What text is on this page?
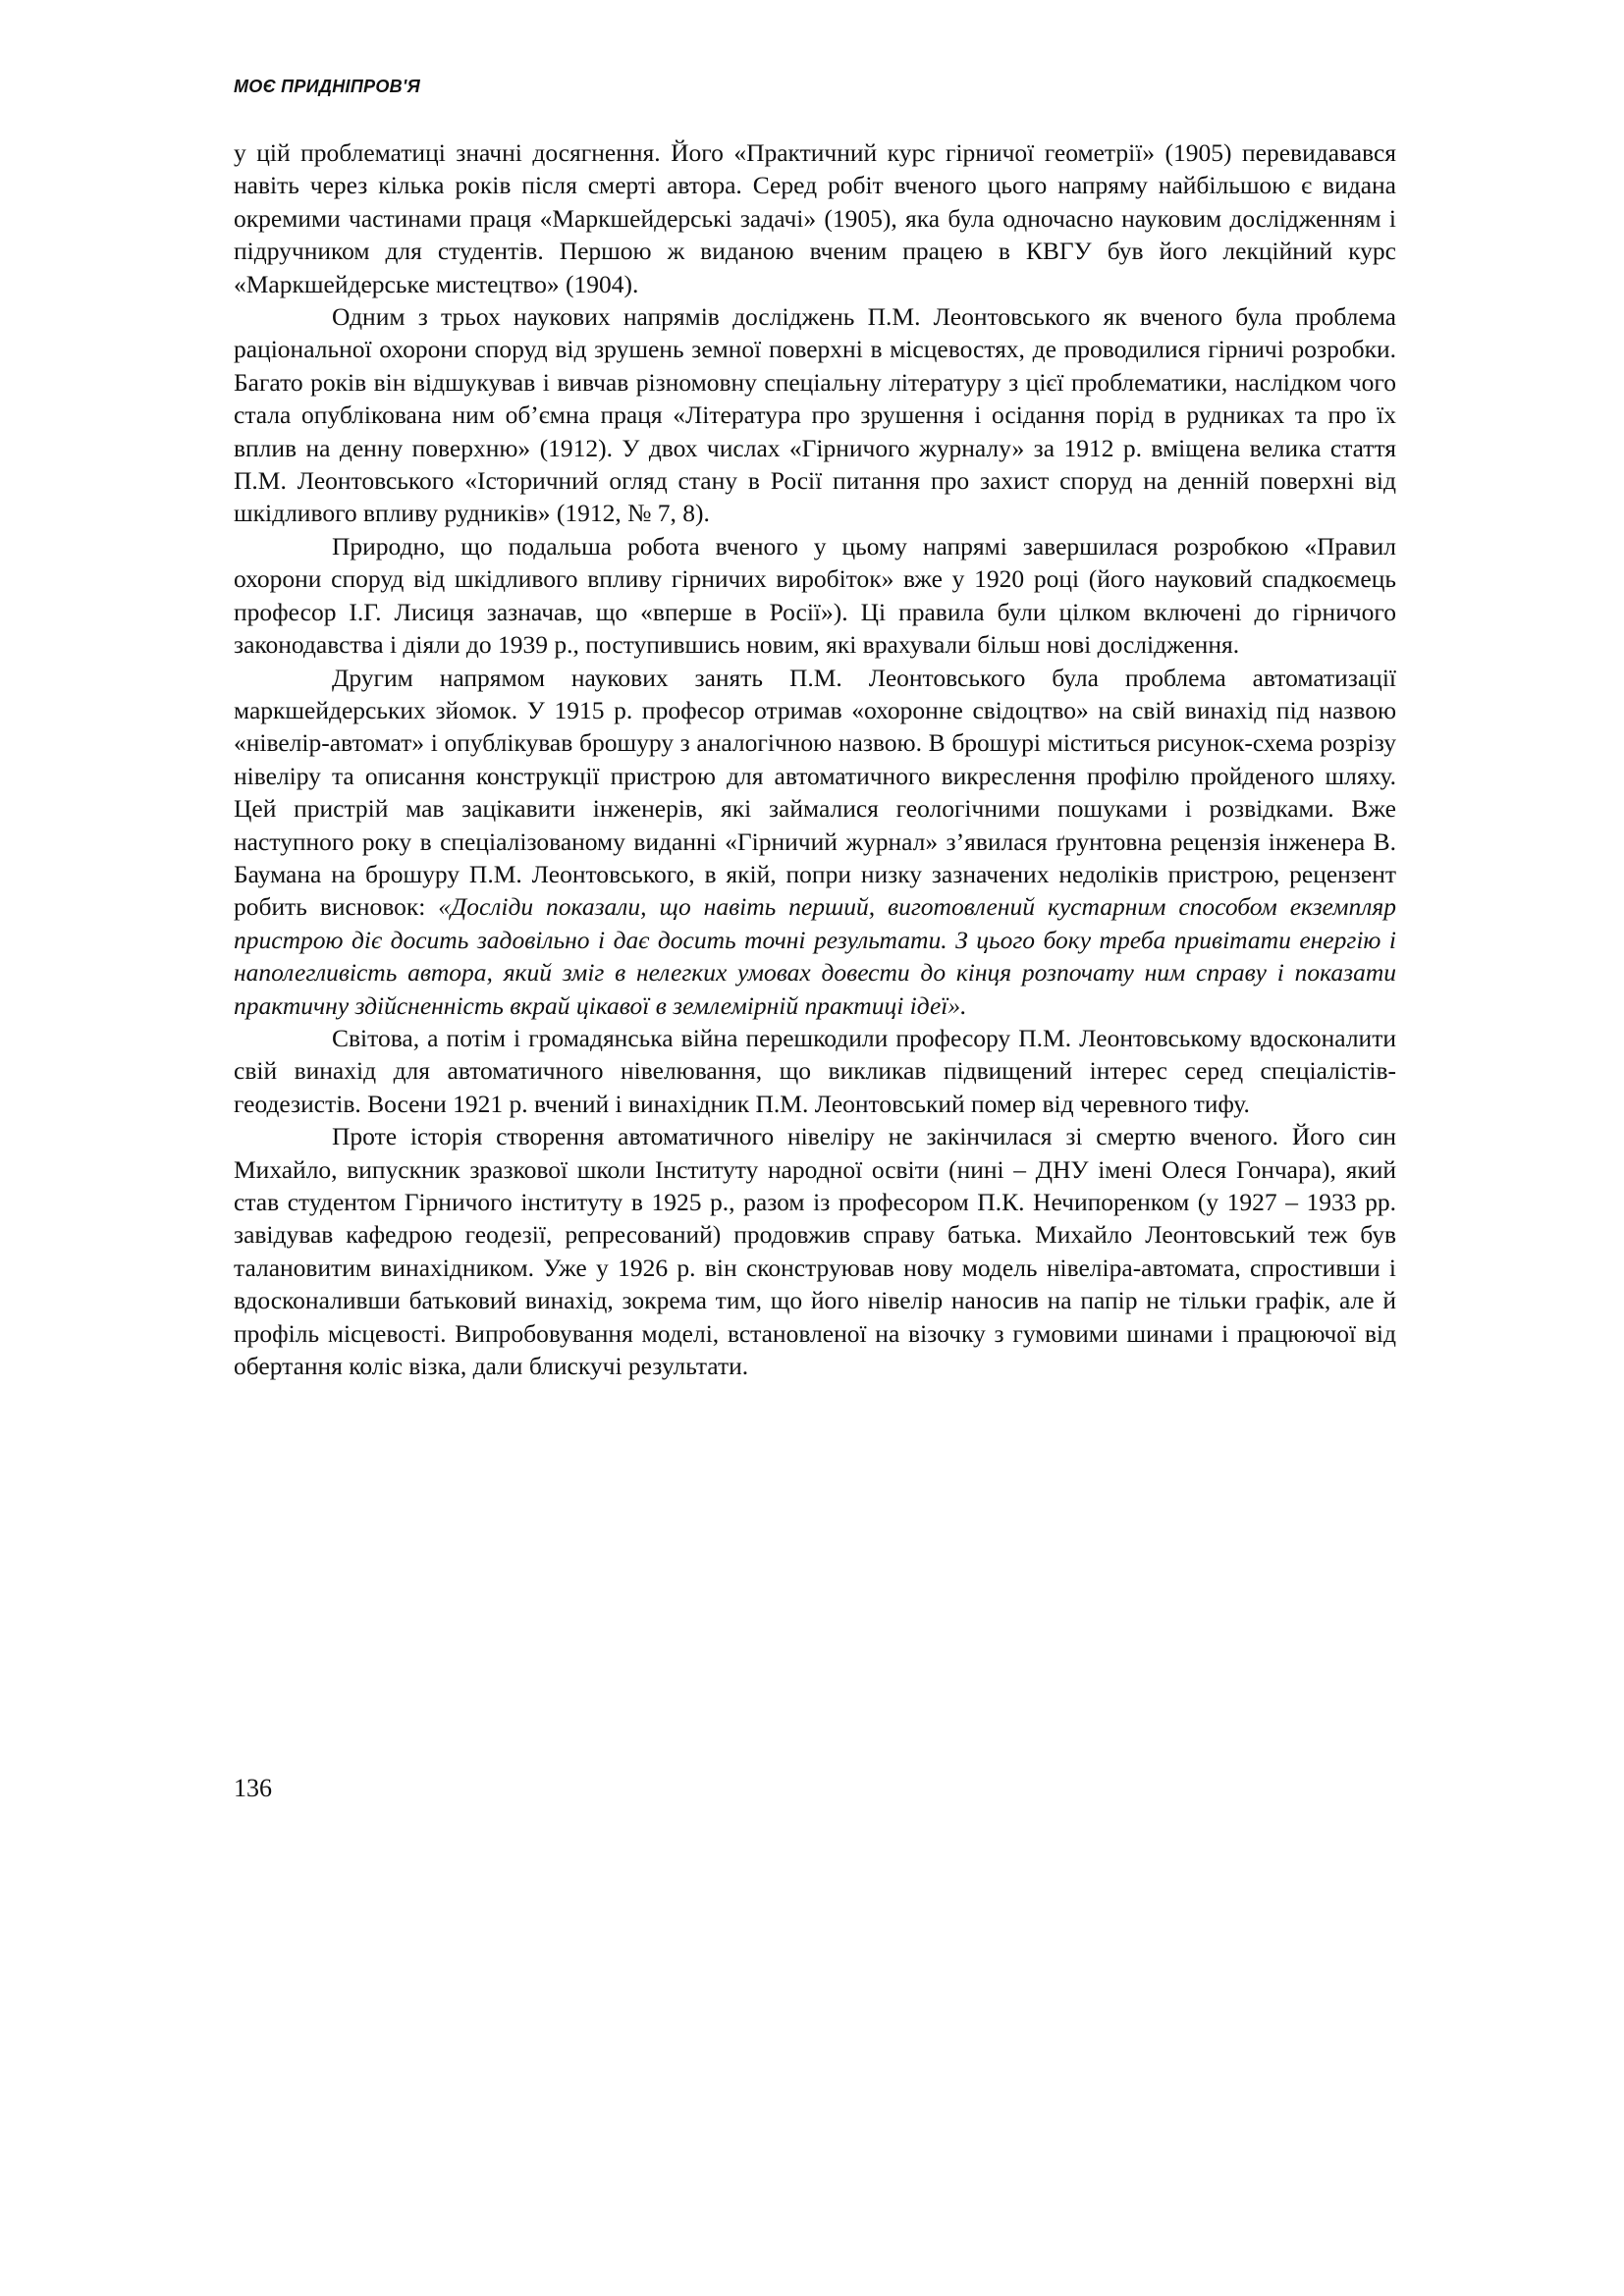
МОЄ ПРИДНІПРОВ'Я

у цій проблематиці значні досягнення. Його «Практичний курс гірничої геометрії» (1905) перевидавався навіть через кілька років після смерті автора. Серед робіт вченого цього напряму найбільшою є видана окремими частинами праця «Маркшейдерські задачі» (1905), яка була одночасно науковим дослідженням і підручником для студентів. Першою ж виданою вченим працею в КВГУ був його лекційний курс «Маркшейдерське мистецтво» (1904).

Одним з трьох наукових напрямів досліджень П.М. Леонтовського як вченого була проблема раціональної охорони споруд від зрушень земної поверхні в місцевостях, де проводилися гірничі розробки. Багато років він відшукував і вивчав різномовну спеціальну літературу з цієї проблематики, наслідком чого стала опублікована ним об’ємна праця «Література про зрушення і осідання порід в рудниках та про їх вплив на денну поверхню» (1912). У двох числах «Гірничого журналу» за 1912 р. вміщена велика стаття П.М. Леонтовського «Історичний огляд стану в Росії питання про захист споруд на денній поверхні від шкідливого впливу рудників» (1912, № 7, 8).

Природно, що подальша робота вченого у цьому напрямі завершилася розробкою «Правил охорони споруд від шкідливого впливу гірничих виробіток» вже у 1920 році (його науковий спадкоємець професор І.Г. Лисиця зазначав, що «вперше в Росії»). Ці правила були цілком включені до гірничого законодавства і діяли до 1939 р., поступившись новим, які врахували більш нові дослідження.

Другим напрямом наукових занять П.М. Леонтовського була проблема автоматизації маркшейдерських зйомок. У 1915 р. професор отримав «охоронне свідоцтво» на свій винахід під назвою «нівелір-автомат» і опублікував брошуру з аналогічною назвою. В брошурі міститься рисунок-схема розрізу нівеліру та описання конструкції пристрою для автоматичного викреслення профілю пройденого шляху. Цей пристрій мав зацікавити інженерів, які займалися геологічними пошуками і розвідками. Вже наступного року в спеціалізованому виданні «Гірничий журнал» з’явилася ґрунтовна рецензія інженера В. Баумана на брошуру П.М. Леонтовського, в якій, попри низку зазначених недоліків пристрою, рецензент робить висновок: «Досліди показали, що навіть перший, виготовлений кустарним способом екземпляр пристрою діє досить задовільно і дає досить точні результати. З цього боку треба привітати енергію і наполегливість автора, який зміг в нелегких умовах довести до кінця розпочату ним справу і показати практичну здійсненність вкрай цікавої в землемірній практиці ідеї».

Світова, а потім і громадянська війна перешкодили професору П.М. Леонтовському вдосконалити свій винахід для автоматичного нівелювання, що викликав підвищений інтерес серед спеціалістів-геодезистів. Восени 1921 р. вчений і винахідник П.М. Леонтовський помер від черевного тифу.

Проте історія створення автоматичного нівеліру не закінчилася зі смертю вченого. Його син Михайло, випускник зразкової школи Інституту народної освіти (нині – ДНУ імені Олеся Гончара), який став студентом Гірничого інституту в 1925 р., разом із професором П.К. Нечипоренком (у 1927 – 1933 рр. завідував кафедрою геодезії, репресований) продовжив справу батька. Михайло Леонтовський теж був талановитим винахідником. Уже у 1926 р. він сконструював нову модель нівеліра-автомата, спростивши і вдосконаливши батьковий винахід, зокрема тим, що його нівелір наносив на папір не тільки графік, але й профіль місцевості. Випробовування моделі, встановленої на візочку з гумовими шинами і працюючої від обертання коліс візка, дали блискучі результати.

136
